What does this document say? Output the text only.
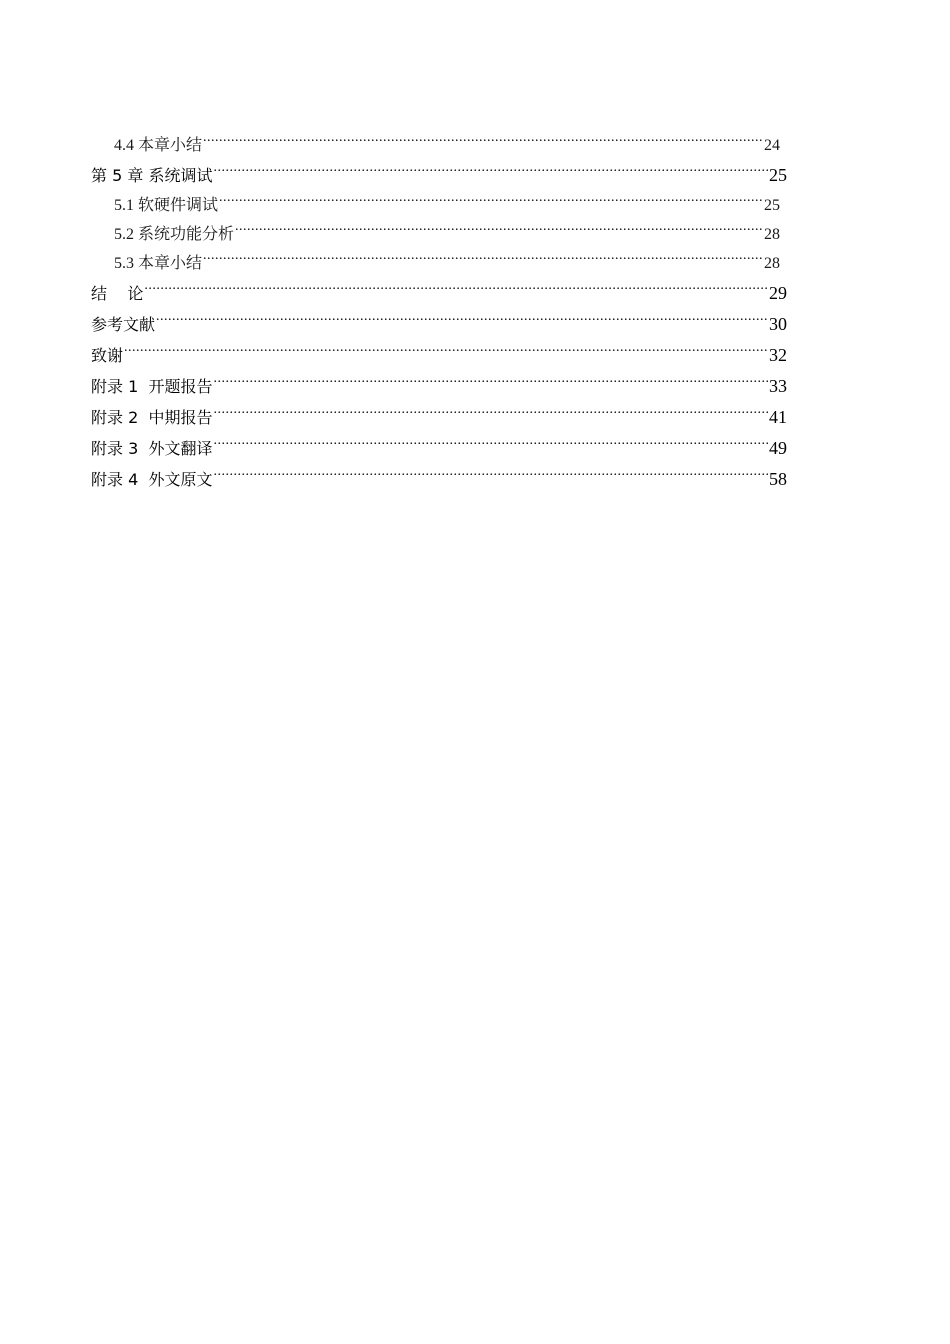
4.4 本章小结 .....	24
第 5 章 系统调试 .....	25
5.1 软硬件调试 .....	25
5.2 系统功能分析 .....	28
5.3 本章小结 .....	28
结    论 .....	29
参考文献 .....	30
致谢 .....	32
附录 1  开题报告 .....	33
附录 2  中期报告 .....	41
附录 3  外文翻译 .....	49
附录 4  外文原文 .....	58
